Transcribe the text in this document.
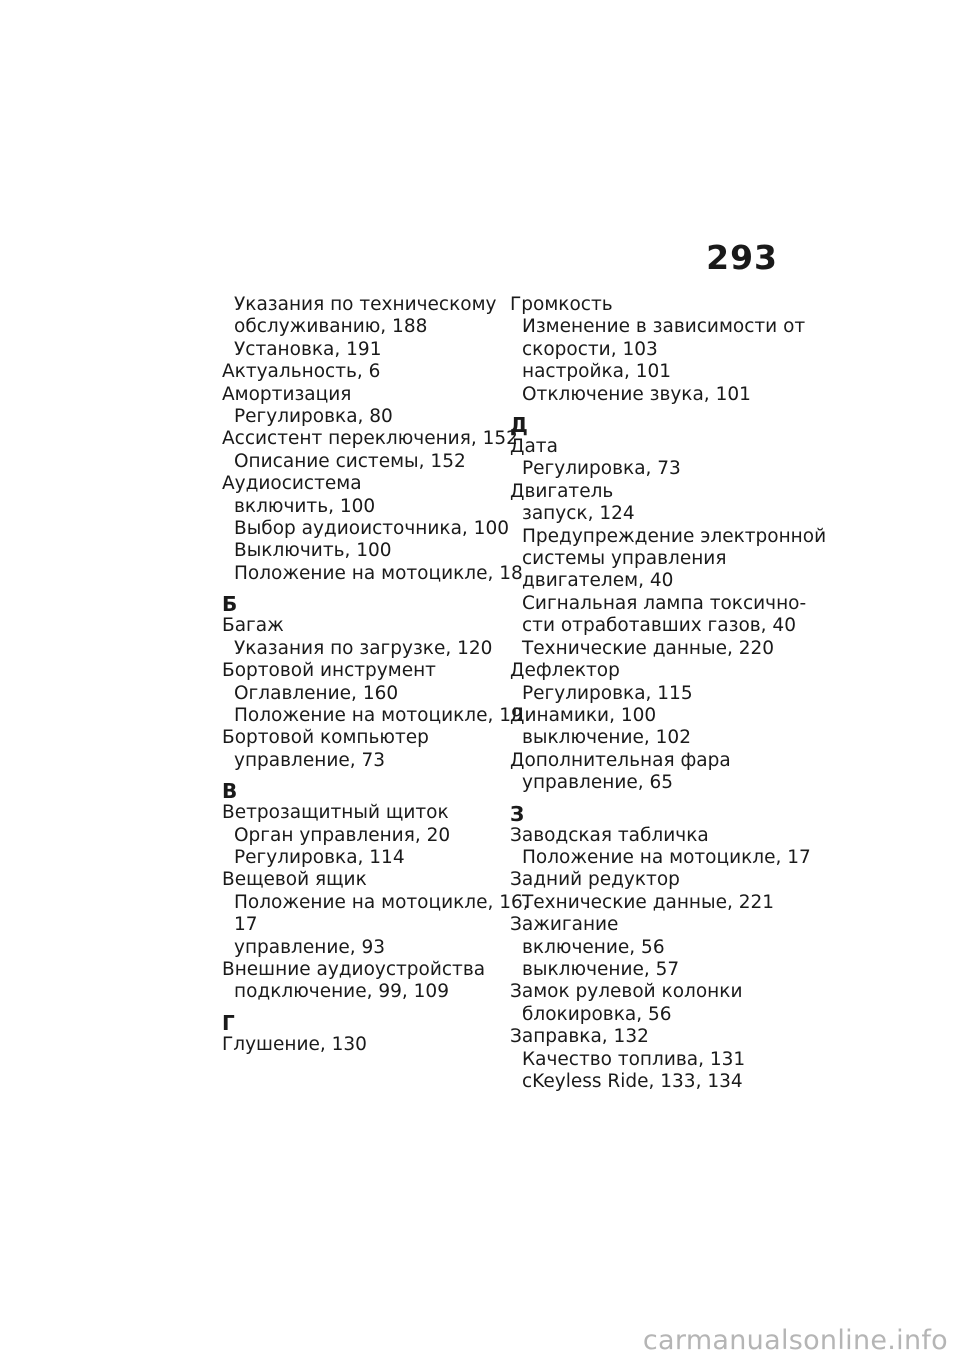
293
Указания по техническому
обслуживанию, 188
Установка, 191
Актуальность, 6
Амортизация
Регулировка, 80
Ассистент переключения, 152
Описание системы, 152
Аудиосистема
включить, 100
Выбор аудиоисточника, 100
Выключить, 100
Положение на мотоцикле, 18
Б
Багаж
Указания по загрузке, 120
Бортовой инструмент
Оглавление, 160
Положение на мотоцикле, 19
Бортовой компьютер
управление, 73
В
Ветрозащитный щиток
Орган управления, 20
Регулировка, 114
Вещевой ящик
Положение на мотоцикле, 16,
17
управление, 93
Внешние аудиоустройства
подключение, 99, 109
Г
Глушение, 130
Громкость
Изменение в зависимости от
скорости, 103
настройка, 101
Отключение звука, 101
Д
Дата
Регулировка, 73
Двигатель
запуск, 124
Предупреждение электронной
системы управления
двигателем, 40
Сигнальная лампа токсично-
сти отработавших газов, 40
Технические данные, 220
Дефлектор
Регулировка, 115
Динамики, 100
выключение, 102
Дополнительная фара
управление, 65
З
Заводская табличка
Положение на мотоцикле, 17
Задний редуктор
Технические данные, 221
Зажигание
включение, 56
выключение, 57
Замок рулевой колонки
блокировка, 56
Заправка, 132
Качество топлива, 131
cKeyless Ride, 133, 134
carmanualsonline.info
